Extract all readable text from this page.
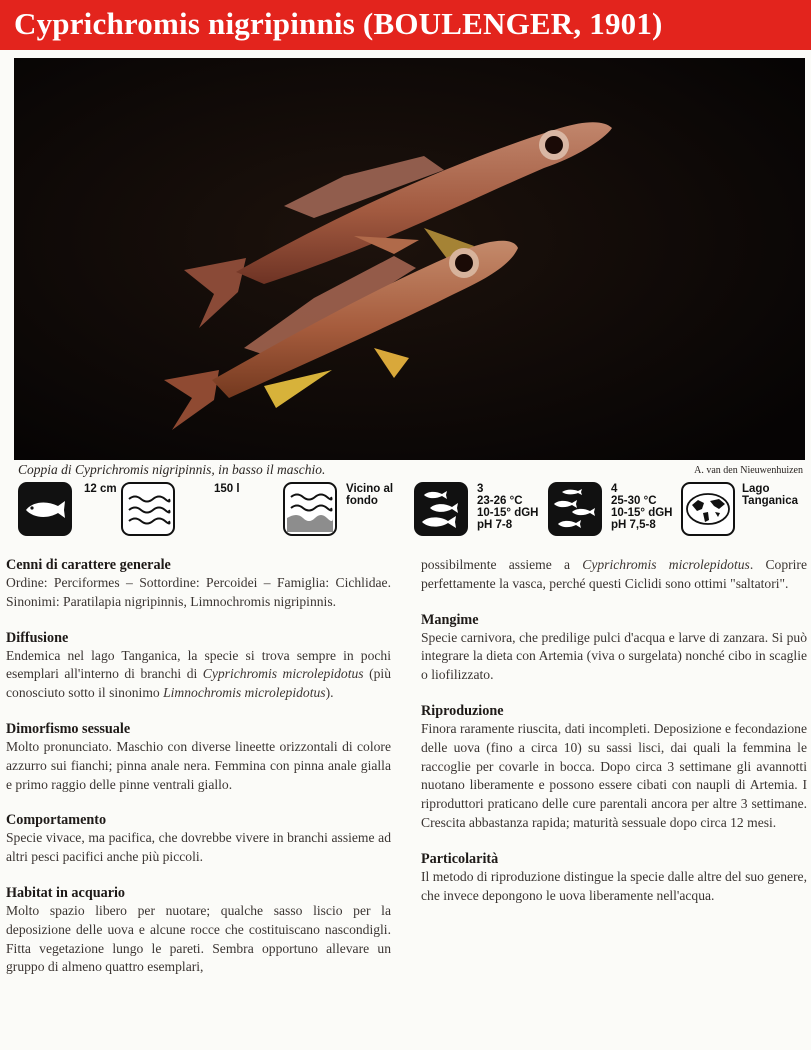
Cyprichromis nigripinnis (BOULENGER, 1901)
Coppia di Cyprichromis nigripinnis, in basso il maschio.	A. van den Nieuwenhuizen
12 cm	150 l	Vicino al
fondo
3
23-26 °C
10-15° dGH
pH 7-8
4
25-30 °C
10-15° dGH
pH 7,5-8
Lago
Tanganica
Cenni di carattere generale

Ordine: Perciformes – Sottordine: Percoidei – Famiglia: Cichlidae. Sinonimi: Paratilapia nigripinnis, Limnochromis nigripinnis.

Diffusione

Endemica nel lago Tanganica, la specie si trova sempre in pochi esemplari all'interno di branchi di Cyprichromis microlepidotus (più conosciuto sotto il sinonimo Limnochromis microlepidotus).

Dimorfismo sessuale

Molto pronunciato. Maschio con diverse lineette orizzontali di colore azzurro sui fianchi; pinna anale nera. Femmina con pinna anale gialla e primo raggio delle pinne ventrali giallo.

Comportamento

Specie vivace, ma pacifica, che dovrebbe vivere in branchi assieme ad altri pesci pacifici anche più piccoli.

Habitat in acquario

Molto spazio libero per nuotare; qualche sasso liscio per la deposizione delle uova e alcune rocce che costituiscano nascondigli. Fitta vegetazione lungo le pareti. Sembra opportuno allevare un gruppo di almeno quattro esemplari,

possibilmente assieme a Cyprichromis microlepidotus. Coprire perfettamente la vasca, perché questi Ciclidi sono ottimi "saltatori".

Mangime

Specie carnivora, che predilige pulci d'acqua e larve di zanzara. Si può integrare la dieta con Artemia (viva o surgelata) nonché cibo in scaglie o liofilizzato.

Riproduzione

Finora raramente riuscita, dati incompleti. Deposizione e fecondazione delle uova (fino a circa 10) su sassi lisci, dai quali la femmina le raccoglie per covarle in bocca. Dopo circa 3 settimane gli avannotti nuotano liberamente e possono essere cibati con naupli di Artemia. I riproduttori praticano delle cure parentali ancora per altre 3 settimane. Crescita abbastanza rapida; maturità sessuale dopo circa 12 mesi.

Particolarità

Il metodo di riproduzione distingue la specie dalle altre del suo genere, che invece depongono le uova liberamente nell'acqua.
